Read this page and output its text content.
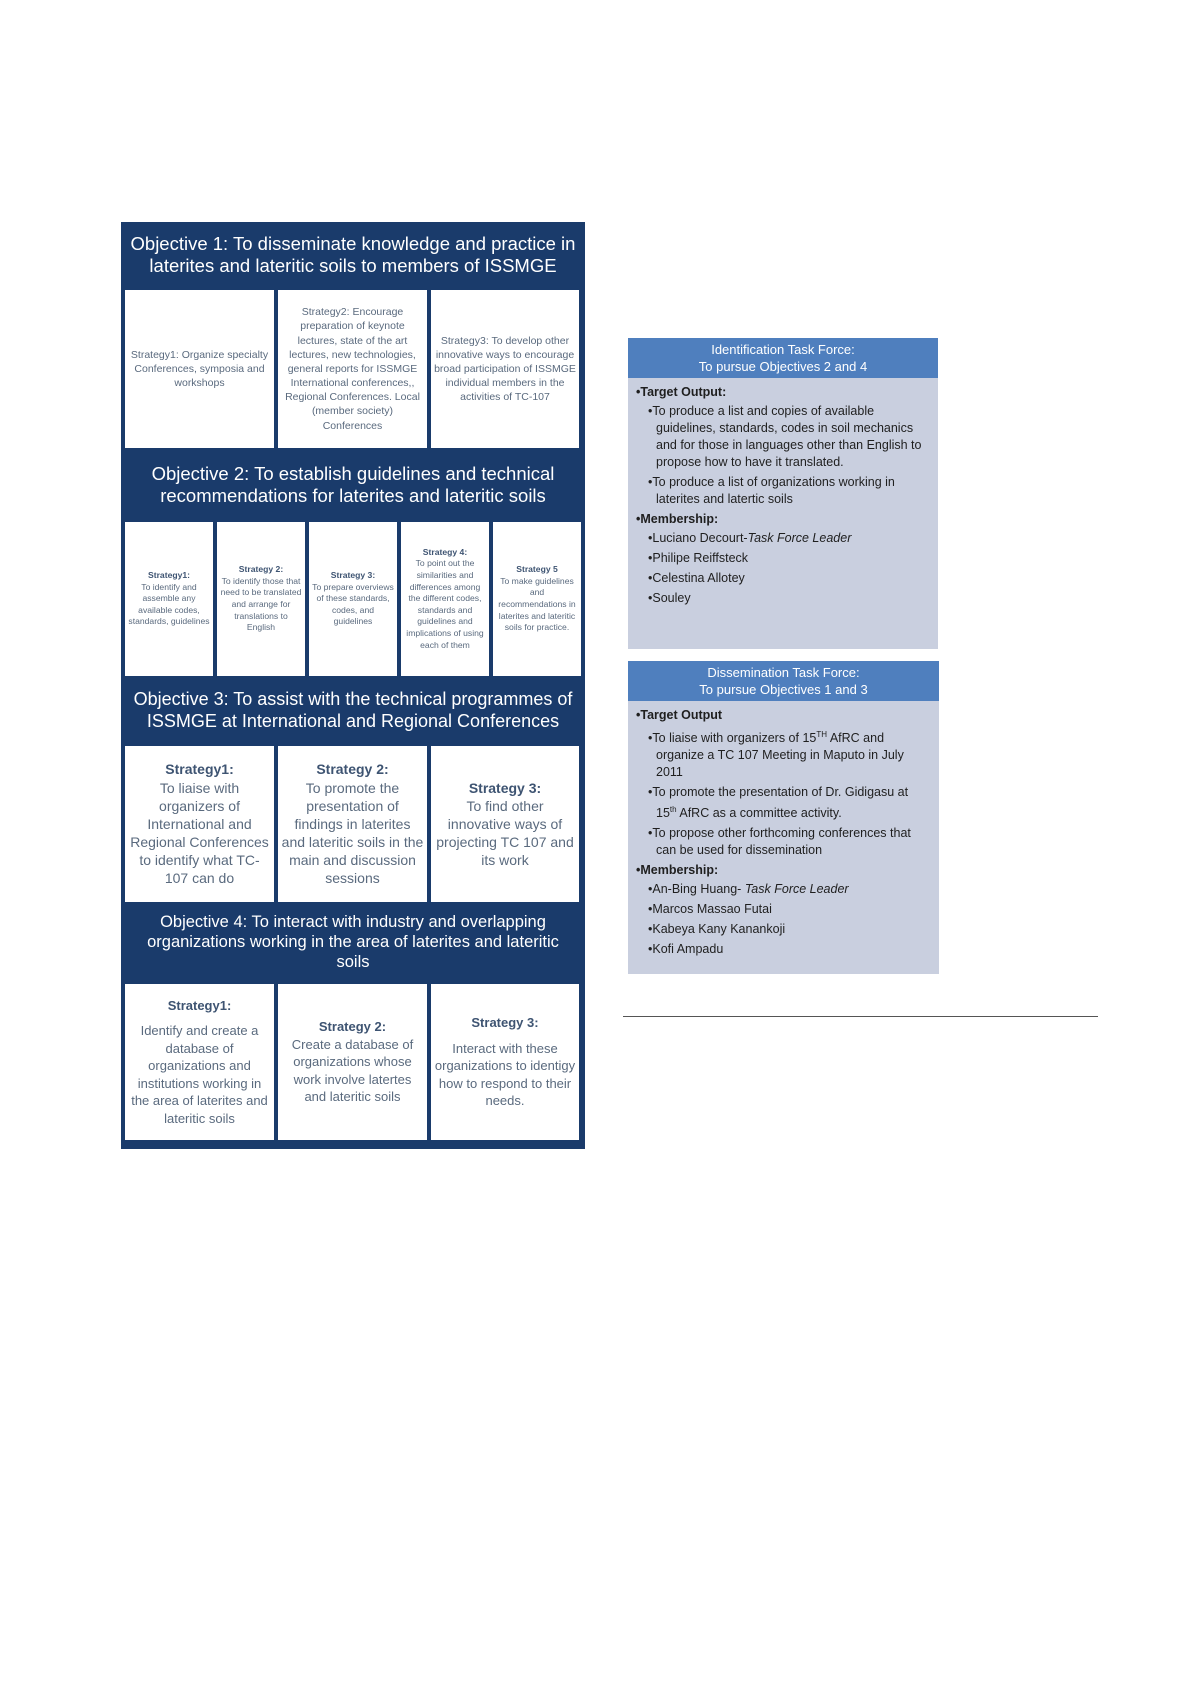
Objective 1: To disseminate knowledge and practice in laterites and lateritic soils to members of ISSMGE
Strategy1: Organize specialty Conferences, symposia and workshops
Strategy2: Encourage preparation of keynote lectures, state of the art lectures, new technologies, general reports for ISSMGE International conferences,, Regional Conferences. Local (member society) Conferences
Strategy3: To develop other innovative ways to encourage broad participation of ISSMGE individual members in the activities of TC-107
Objective 2: To establish guidelines and technical recommendations for laterites and lateritic soils
Strategy1:
To identify and assemble any available codes, standards, guidelines
Strategy 2:
To identify those that need to be translated and arrange for translations to English
Strategy 3:
To prepare overviews of these standards, codes, and guidelines
Strategy 4:
To point out the similarities and differences among the different codes, standards and guidelines and implications of using each of them
Strategy 5
To make guidelines and recommendations in laterites and lateritic soils for practice.
Objective 3: To assist with the technical programmes of ISSMGE at International and Regional Conferences
Strategy1:
To liaise with organizers of International and Regional Conferences to identify what TC-107 can do
Strategy 2:
To promote the presentation of findings in laterites and lateritic soils in the main and discussion sessions
Strategy 3:
To find other innovative ways of projecting TC 107 and its work
Objective 4: To interact with industry and overlapping organizations working in the area of laterites and lateritic soils
Strategy1:
Identify and create a database of organizations and institutions working in the area of laterites and lateritic soils
Strategy 2:
Create a database of organizations whose work involve latertes and lateritic soils
Strategy 3:
Interact with these organizations to identigy how to respond to their needs.
Identification Task Force:
To pursue Objectives 2 and 4
•Target Output:
• To produce a list and copies of available guidelines, standards, codes in soil mechanics and for those in languages other than English to propose how to have it translated.
• To produce a list of organizations working in laterites and latertic soils
•Membership:
• Luciano Decourt-Task Force Leader
• Philipe Reiffsteck
• Celestina Allotey
• Souley
Dissemination Task Force:
To pursue Objectives 1 and 3
•Target Output
• To liaise with organizers of 15TH AfRC and organize a TC 107 Meeting in Maputo in July 2011
• To promote the presentation of Dr. Gidigasu at 15th AfRC as a committee activity.
• To propose other forthcoming conferences that can be used for dissemination
•Membership:
• An-Bing Huang- Task Force Leader
• Marcos Massao Futai
• Kabeya Kany Kanankoji
• Kofi Ampadu
